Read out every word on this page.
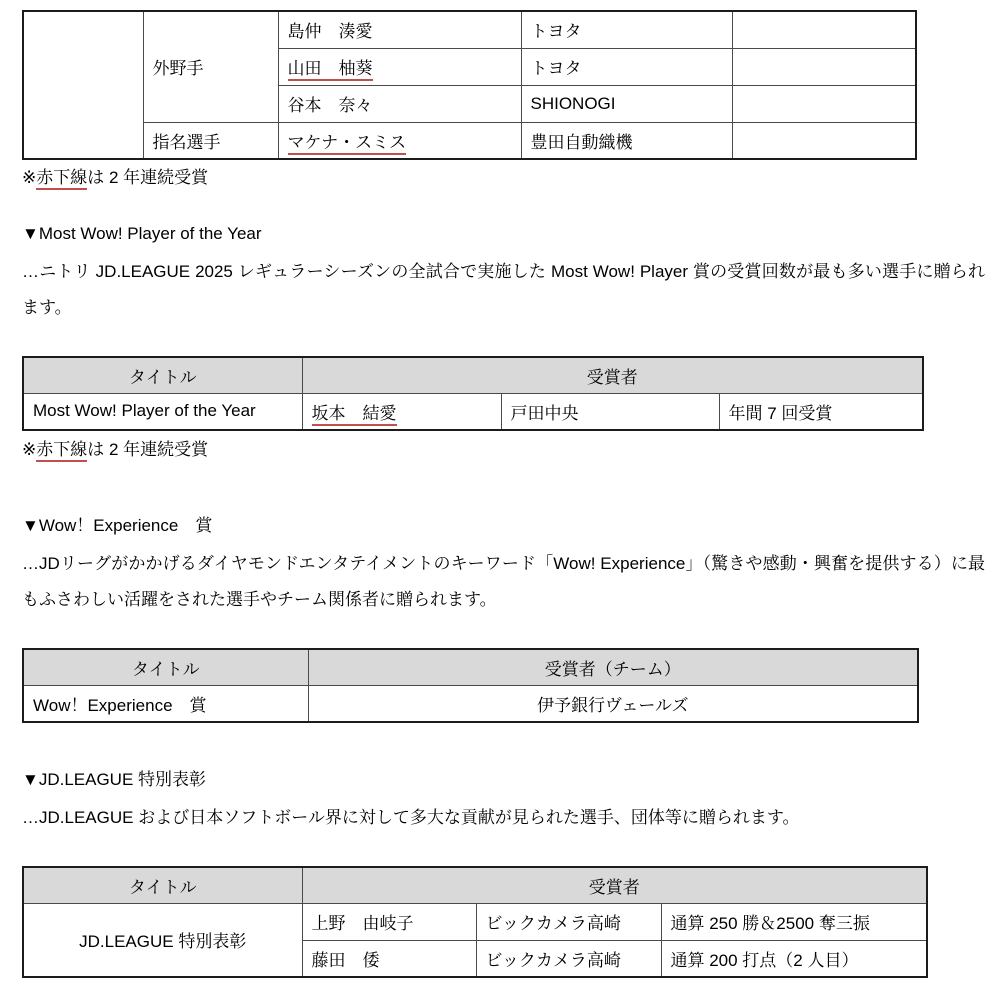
	外野手	島仲　湊愛	トヨタ	
		山田　柚葵	トヨタ	
		谷本　奈々	SHIONOGI	
	指名選手	マケナ・スミス	豊田自動織機	
※赤下線は 2 年連続受賞
▼Most Wow! Player of the Year
…ニトリ JD.LEAGUE 2025 レギュラーシーズンの全試合で実施した Most Wow! Player 賞の受賞回数が最も多い選手に贈られます。
タイトル	受賞者		
Most Wow! Player of the Year	坂本　結愛	戸田中央	年間 7 回受賞
※赤下線は 2 年連続受賞
▼Wow！Experience　賞
…JDリーグがかかげるダイヤモンドエンタテイメントのキーワード「Wow! Experience」（驚きや感動・興奮を提供する）に最もふさわしい活躍をされた選手やチーム関係者に贈られます。
タイトル	受賞者（チーム）
Wow！Experience　賞	伊予銀行ヴェールズ
▼JD.LEAGUE 特別表彰
…JD.LEAGUE および日本ソフトボール界に対して多大な貢献が見られた選手、団体等に贈られます。
タイトル	受賞者		
JD.LEAGUE 特別表彰	上野　由岐子	ビックカメラ高崎	通算 250 勝＆2500 奪三振
	藤田　倭	ビックカメラ高崎	通算 200 打点（2 人目）
